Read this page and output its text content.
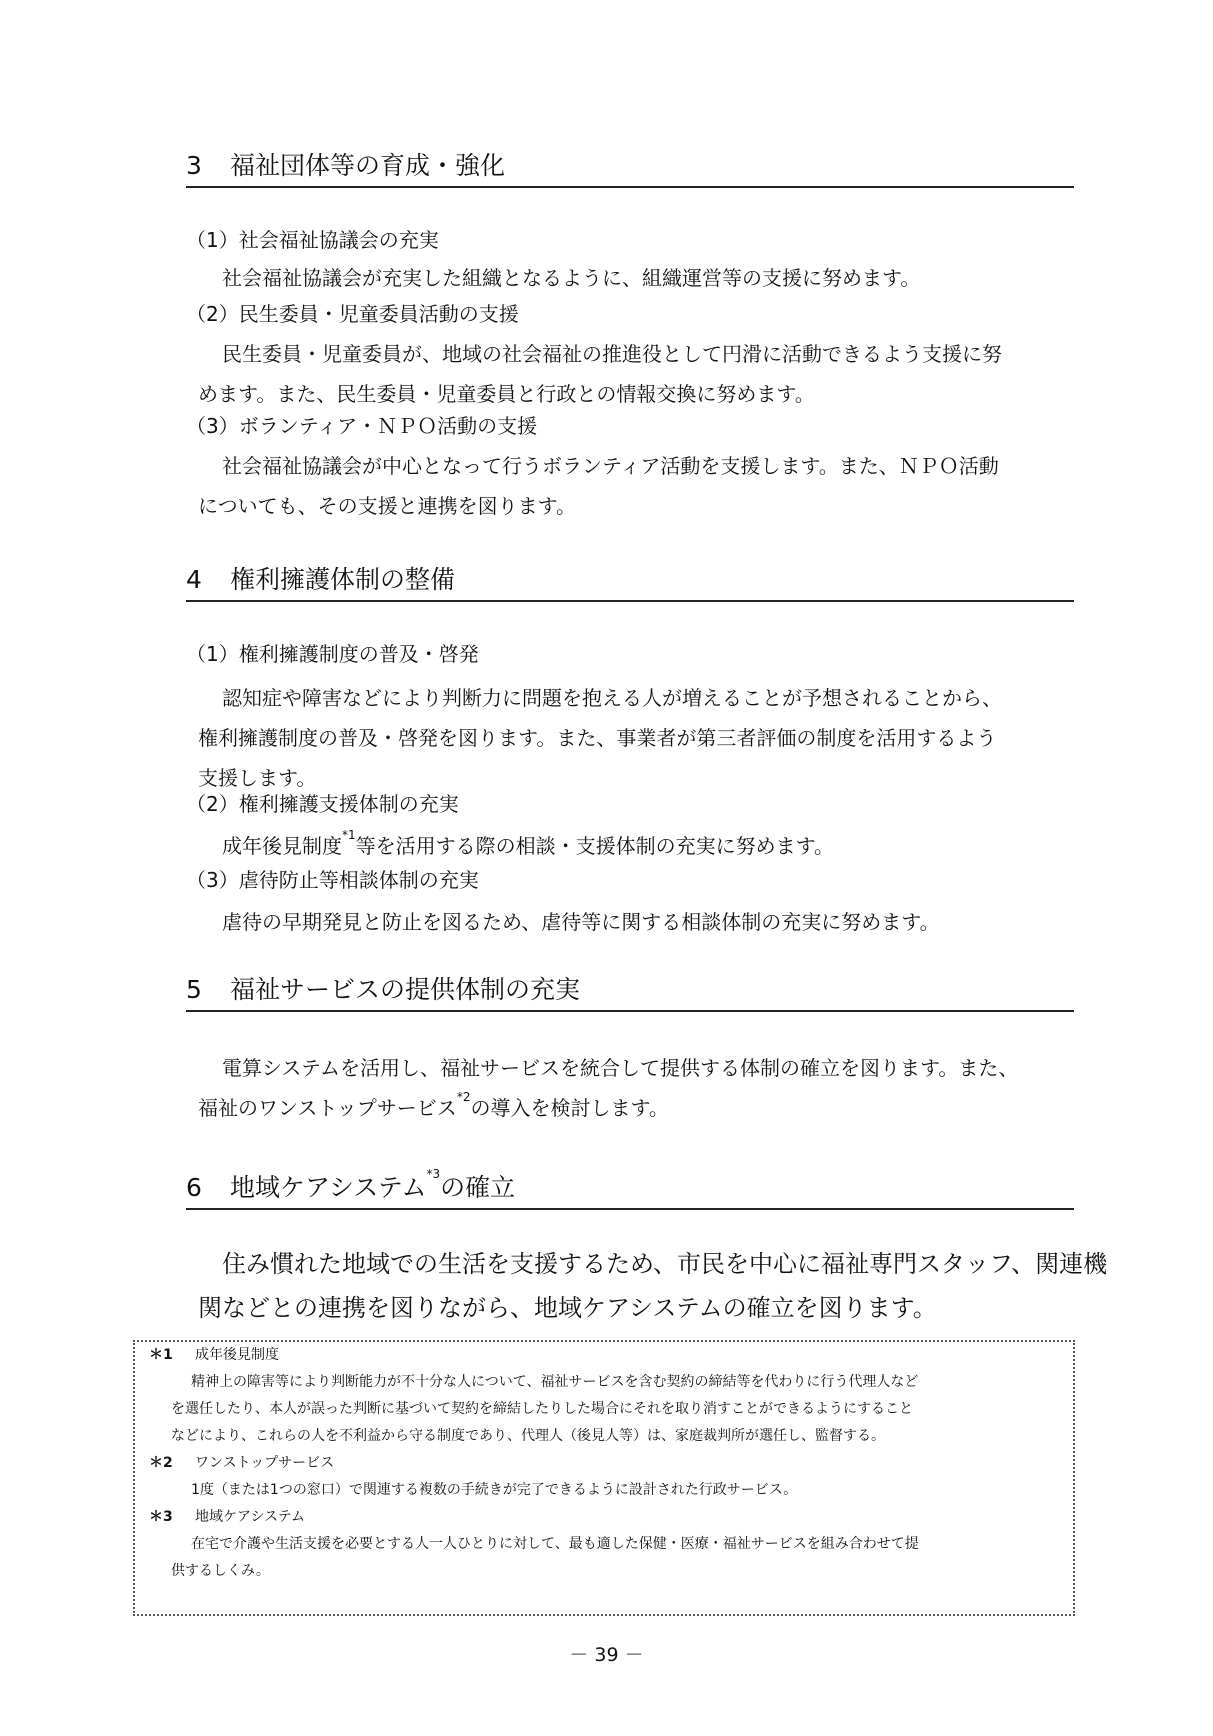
3 福祉団体等の育成・強化
（1）社会福祉協議会の充実
社会福祉協議会が充実した組織となるように、組織運営等の支援に努めます。
（2）民生委員・児童委員活動の支援
民生委員・児童委員が、地域の社会福祉の推進役として円滑に活動できるよう支援に努
めます。また、民生委員・児童委員と行政との情報交換に努めます。
（3）ボランティア・ＮＰＯ活動の支援
社会福祉協議会が中心となって行うボランティア活動を支援します。また、ＮＰＯ活動
についても、その支援と連携を図ります。
4 権利擁護体制の整備
（1）権利擁護制度の普及・啓発
認知症や障害などにより判断力に問題を抱える人が増えることが予想されることから、
権利擁護制度の普及・啓発を図ります。また、事業者が第三者評価の制度を活用するよう
支援します。
（2）権利擁護支援体制の充実
成年後見制度$^{*1}$等を活用する際の相談・支援体制の充実に努めます。
（3）虐待防止等相談体制の充実
虐待の早期発見と防止を図るため、虐待等に関する相談体制の充実に努めます。
5 福祉サービスの提供体制の充実
電算システムを活用し、福祉サービスを統合して提供する体制の確立を図ります。また、
福祉のワンストップサービス$^{*2}$の導入を検討します。
6 地域ケアシステム$^{*3}$の確立
住み慣れた地域での生活を支援するため、市民を中心に福祉専門スタッフ、関連機
関などとの連携を図りながら、地域ケアシステムの確立を図ります。
＊1 成年後見制度
精神上の障害等により判断能力が不十分な人について、福祉サービスを含む契約の締結等を代わりに行う代理人など
を選任したり、本人が誤った判断に基づいて契約を締結したりした場合にそれを取り消すことができるようにすること
などにより、これらの人を不利益から守る制度であり、代理人（後見人等）は、家庭裁判所が選任し、監督する。
＊2 ワンストップサービス
1度（または1つの窓口）で関連する複数の手続きが完了できるように設計された行政サービス。
＊3 地域ケアシステム
在宅で介護や生活支援を必要とする人一人ひとりに対して、最も適した保健・医療・福祉サービスを組み合わせて提
供するしくみ。
－ 39 －
